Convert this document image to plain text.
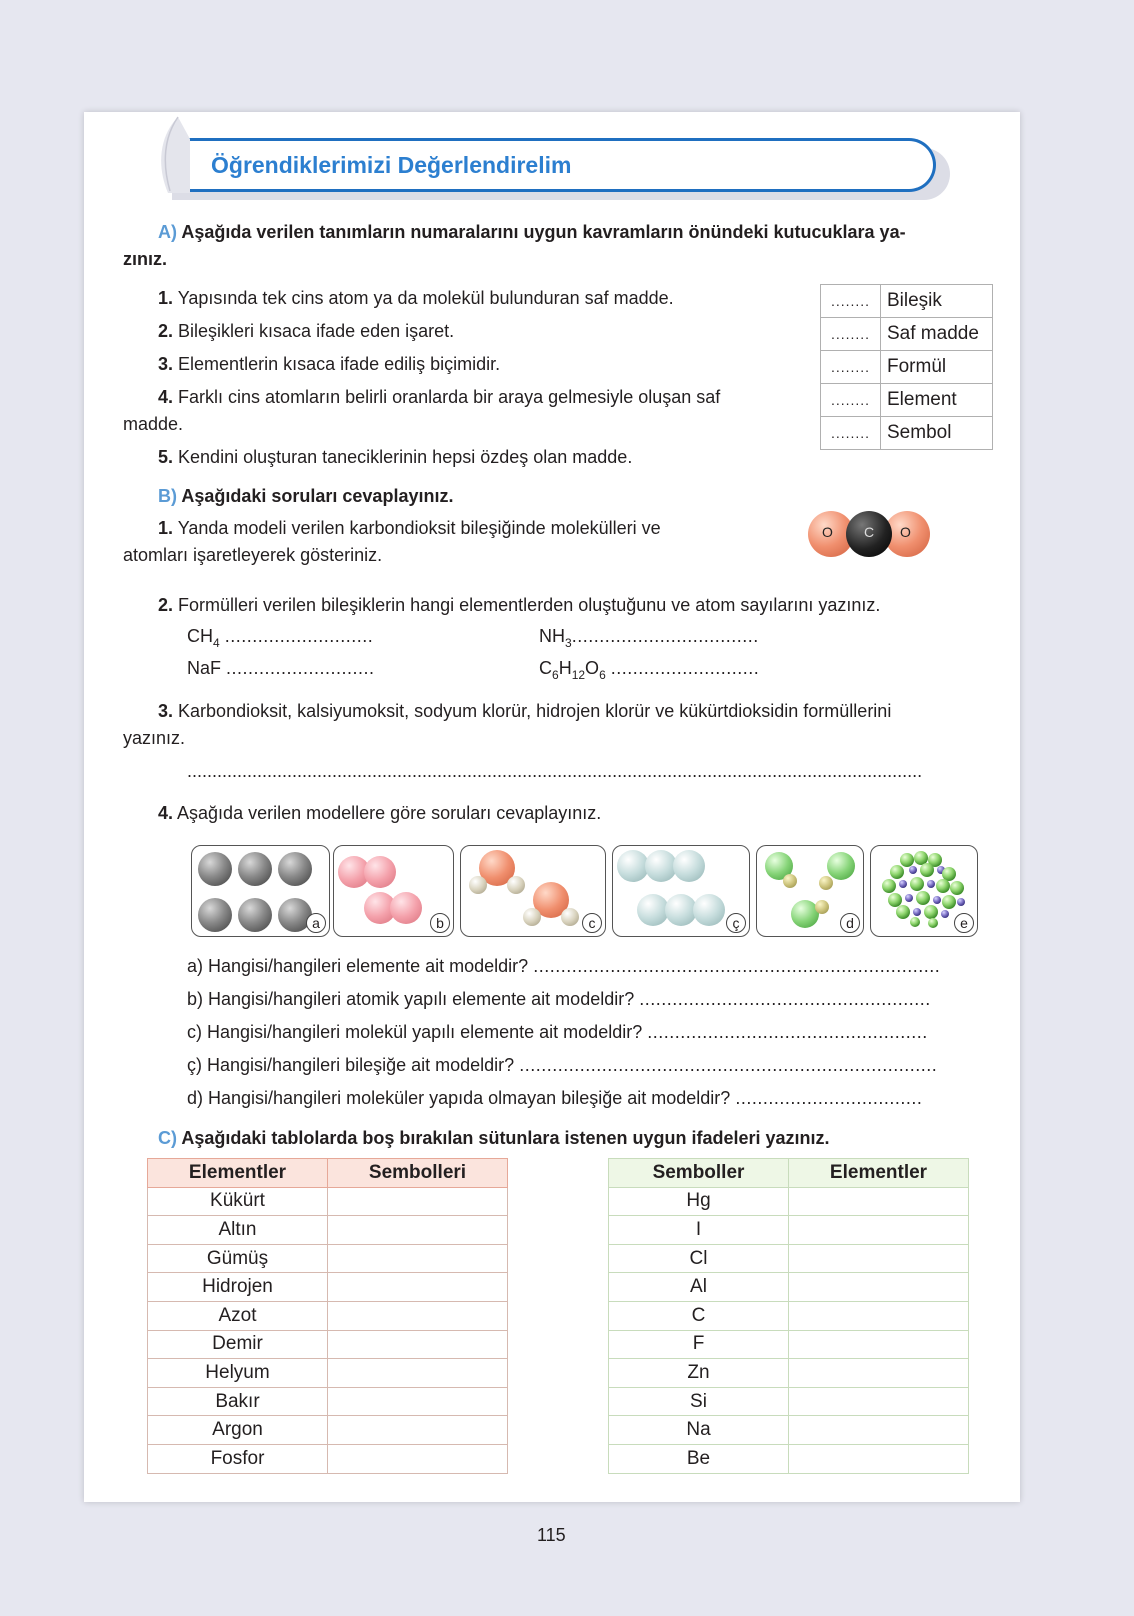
Öğrendiklerimizi Değerlendirelim
A) Aşağıda verilen tanımların numaralarını uygun kavramların önündeki kutucuklara ya-
zınız.
1. Yapısında tek cins atom ya da molekül bulunduran saf madde.
2. Bileşikleri kısaca ifade eden işaret.
3. Elementlerin kısaca ifade ediliş biçimidir.
4. Farklı cins atomların belirli oranlarda bir araya gelmesiyle oluşan saf
madde.
5. Kendini oluşturan taneciklerinin hepsi özdeş olan madde.
........	Bileşik
........	Saf madde
........	Formül
........	Element
........	Sembol
B) Aşağıdaki soruları cevaplayınız.
1. Yanda modeli verilen karbondioksit bileşiğinde molekülleri ve
atomları işaretleyerek gösteriniz.
O C O
2. Formülleri verilen bileşiklerin hangi elementlerden oluştuğunu ve atom sayılarını yazınız.
$CH_4$ ...........................	$NH_3$..................................
NaF ...........................	$C_6H_{12}O_6$ ...........................
3. Karbondioksit, kalsiyumoksit, sodyum klorür, hidrojen klorür ve kükürtdioksidin formüllerini
yazınız.
...................................................................................................................................................
4. Aşağıda verilen modellere göre soruları cevaplayınız.
a	b	c	ç	d	e
a) Hangisi/hangileri elemente ait modeldir? ..........................................................................
b) Hangisi/hangileri atomik yapılı elemente ait modeldir? .....................................................
c) Hangisi/hangileri molekül yapılı elemente ait modeldir? ...................................................
ç) Hangisi/hangileri bileşiğe ait modeldir? ............................................................................
d) Hangisi/hangileri moleküler yapıda olmayan bileşiğe ait modeldir? ..................................
C) Aşağıdaki tablolarda boş bırakılan sütunlara istenen uygun ifadeleri yazınız.
Elementler	Sembolleri
Kükürt	
Altın	
Gümüş	
Hidrojen	
Azot	
Demir	
Helyum	
Bakır	
Argon	
Fosfor	
Semboller	Elementler
Hg	
I	
Cl	
Al	
C	
F	
Zn	
Si	
Na	
Be	
115
